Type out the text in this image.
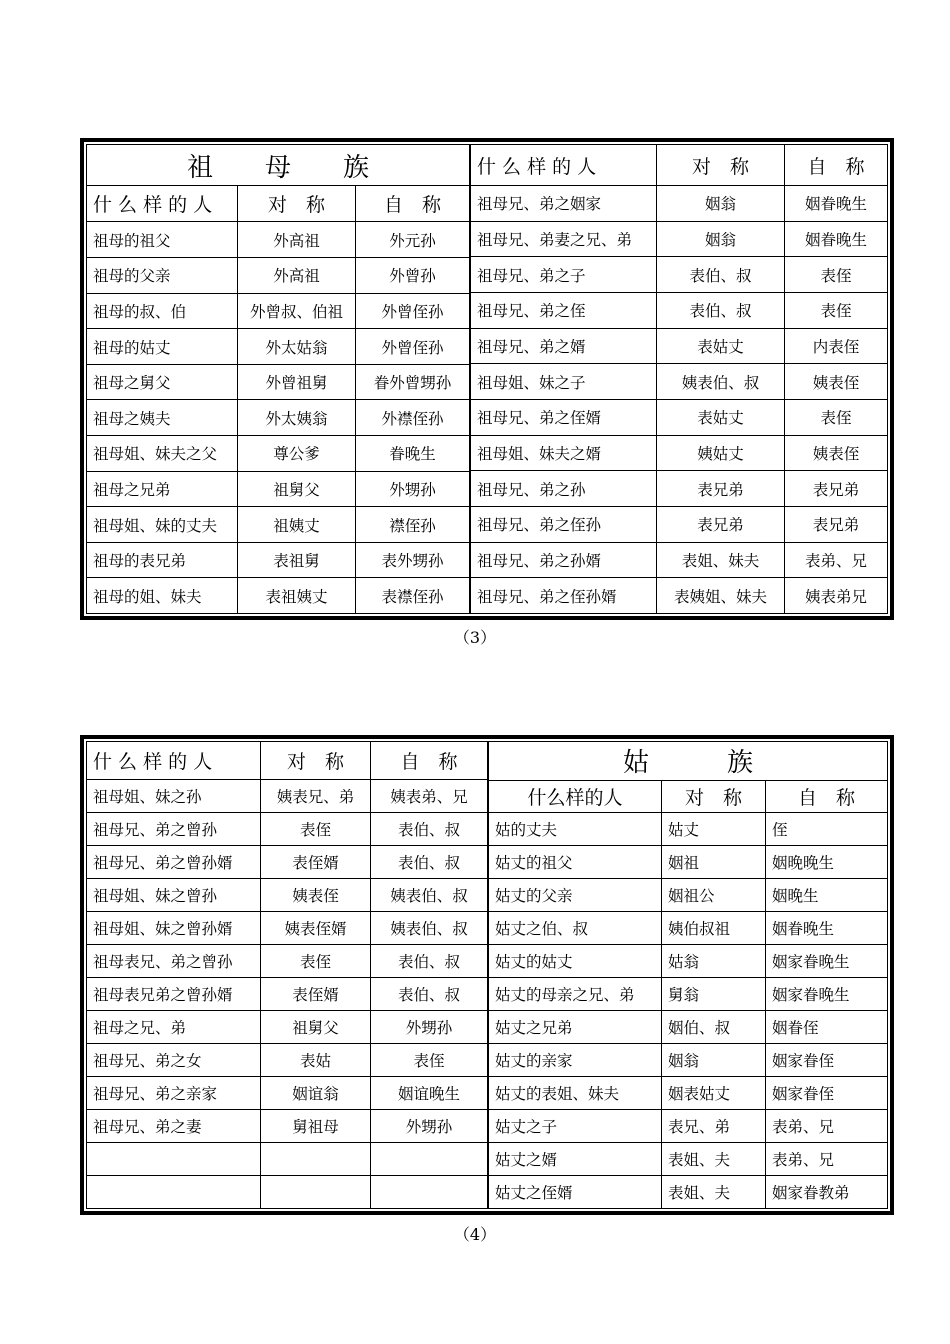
祖　　母　　族
什 么 样 的 人	对　称	自　称
祖母的祖父	外高祖	外元孙
祖母的父亲	外高祖	外曾孙
祖母的叔、伯	外曾叔、伯祖	外曾侄孙
祖母的姑丈	外太姑翁	外曾侄孙
祖母之舅父	外曾祖舅	眷外曾甥孙
祖母之姨夫	外太姨翁	外襟侄孙
祖母姐、妹夫之父	尊公爹	眷晚生
祖母之兄弟	祖舅父	外甥孙
祖母姐、妹的丈夫	祖姨丈	襟侄孙
祖母的表兄弟	表祖舅	表外甥孙
祖母的姐、妹夫	表祖姨丈	表襟侄孙
什 么 样 的 人	对　称	自　称
祖母兄、弟之姻家	姻翁	姻眷晚生
祖母兄、弟妻之兄、弟	姻翁	姻眷晚生
祖母兄、弟之子	表伯、叔	表侄
祖母兄、弟之侄	表伯、叔	表侄
祖母兄、弟之婿	表姑丈	内表侄
祖母姐、妹之子	姨表伯、叔	姨表侄
祖母兄、弟之侄婿	表姑丈	表侄
祖母姐、妹夫之婿	姨姑丈	姨表侄
祖母兄、弟之孙	表兄弟	表兄弟
祖母兄、弟之侄孙	表兄弟	表兄弟
祖母兄、弟之孙婿	表姐、妹夫	表弟、兄
祖母兄、弟之侄孙婿	表姨姐、妹夫	姨表弟兄
（3）
什 么 样 的 人	对　称	自　称
祖母姐、妹之孙	姨表兄、弟	姨表弟、兄
祖母兄、弟之曾孙	表侄	表伯、叔
祖母兄、弟之曾孙婿	表侄婿	表伯、叔
祖母姐、妹之曾孙	姨表侄	姨表伯、叔
祖母姐、妹之曾孙婿	姨表侄婿	姨表伯、叔
祖母表兄、弟之曾孙	表侄	表伯、叔
祖母表兄弟之曾孙婿	表侄婿	表伯、叔
祖母之兄、弟	祖舅父	外甥孙
祖母兄、弟之女	表姑	表侄
祖母兄、弟之亲家	姻谊翁	姻谊晚生
祖母兄、弟之妻	舅祖母	外甥孙
姑　　　族
什么样的人	对　称	自　称
姑的丈夫	姑丈	侄
姑丈的祖父	姻祖	姻晚晚生
姑丈的父亲	姻祖公	姻晚生
姑丈之伯、叔	姨伯叔祖	姻眷晚生
姑丈的姑丈	姑翁	姻家眷晚生
姑丈的母亲之兄、弟	舅翁	姻家眷晚生
姑丈之兄弟	姻伯、叔	姻眷侄
姑丈的亲家	姻翁	姻家眷侄
姑丈的表姐、妹夫	姻表姑丈	姻家眷侄
姑丈之子	表兄、弟	表弟、兄
姑丈之婿	表姐、夫	表弟、兄
姑丈之侄婿	表姐、夫	姻家眷教弟
（4）
